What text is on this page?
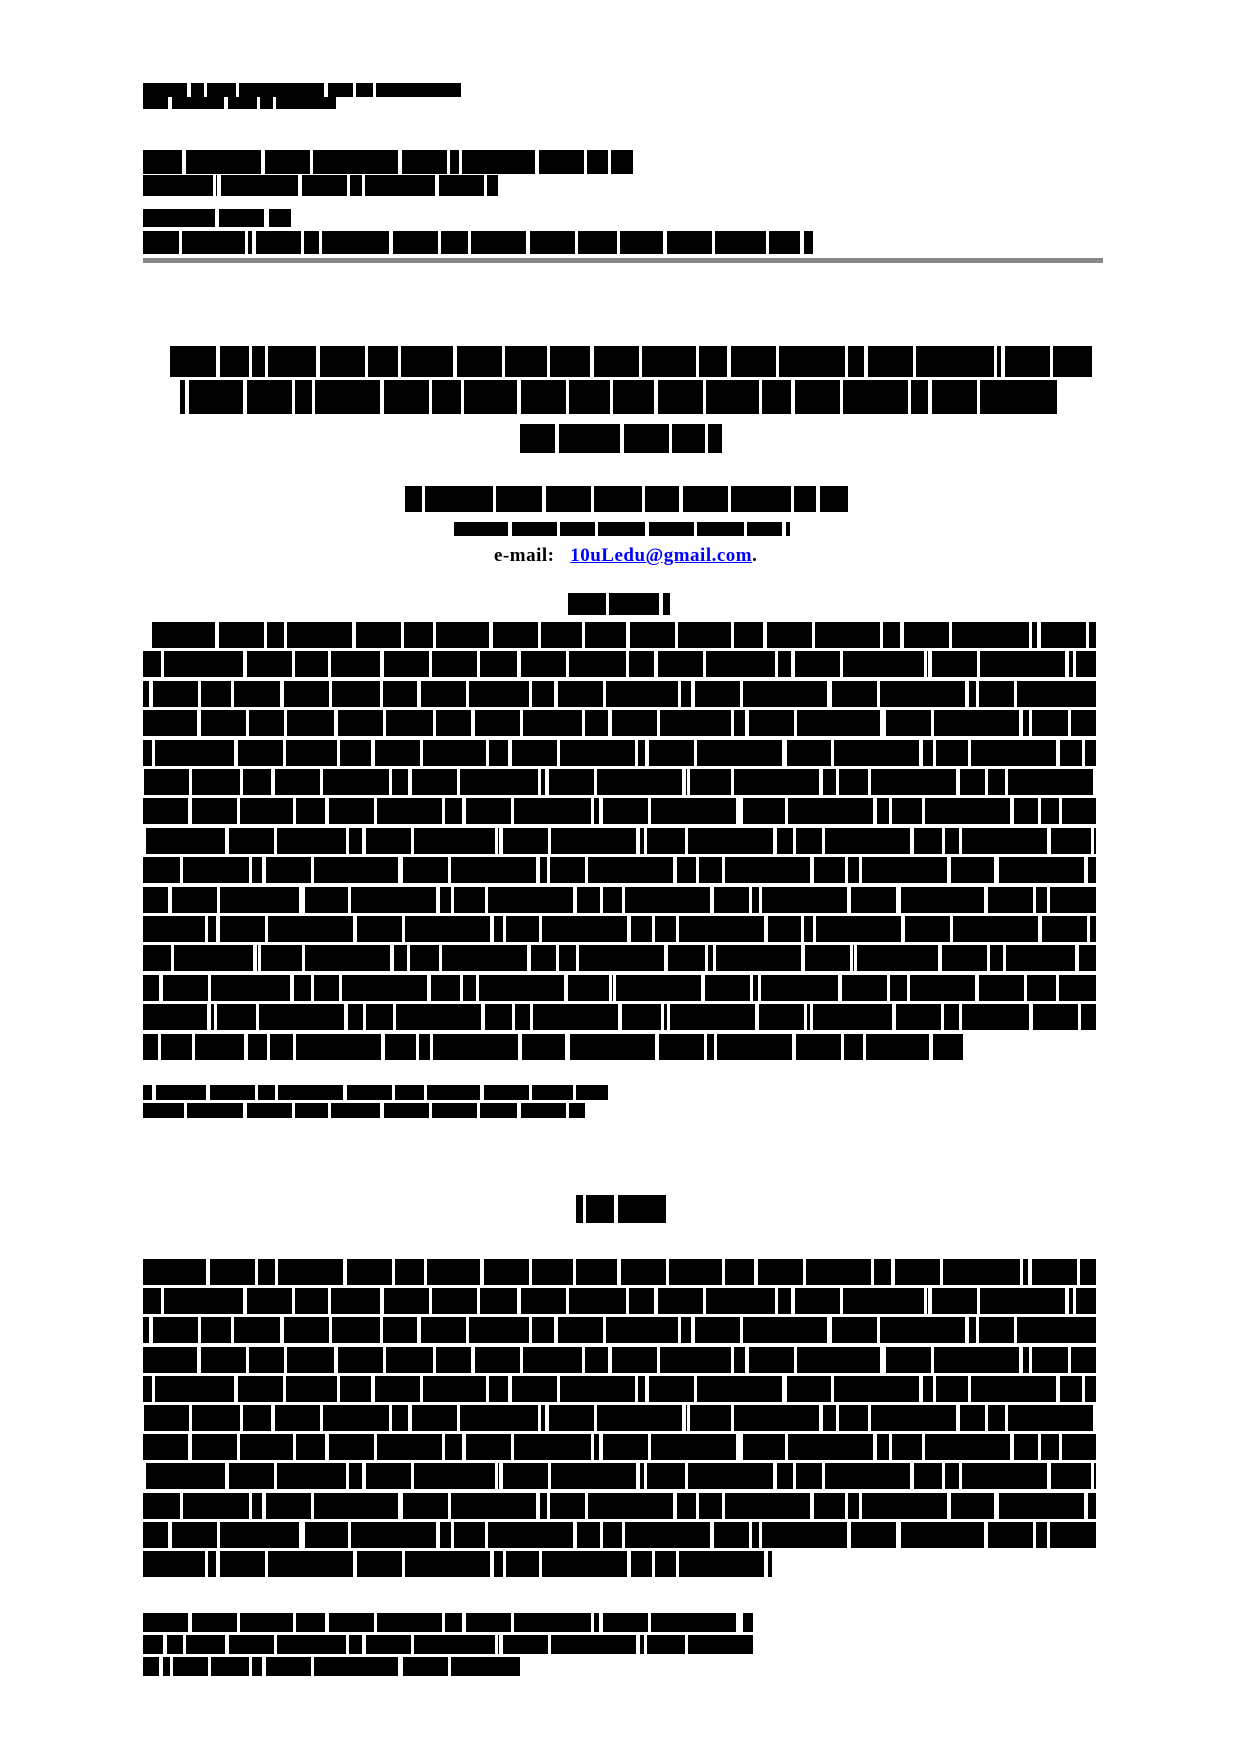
e-mail: 10uLedu@gmail.com.
